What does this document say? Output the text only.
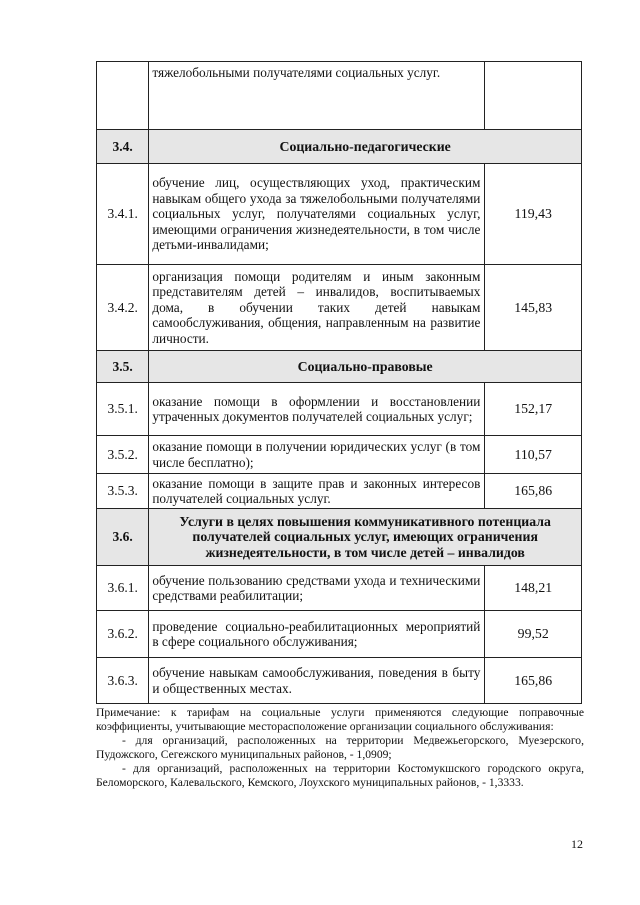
	тяжелобольными получателями социальных услуг.	
3.4.	Социально-педагогические	
3.4.1.	обучение лиц, осуществляющих уход, практическим навыкам общего ухода за тяжелобольными получателями социальных услуг, получателями социальных услуг, имеющими ограничения жизнедеятельности, в том числе детьми-инвалидами;	119,43
3.4.2.	организация помощи родителям и иным законным представителям детей – инвалидов, воспитываемых дома, в обучении таких детей навыкам самообслуживания, общения, направленным на развитие личности.	145,83
3.5.	Социально-правовые	
3.5.1.	оказание помощи в оформлении и восстановлении утраченных документов получателей социальных услуг;	152,17
3.5.2.	оказание помощи в получении юридических услуг (в том числе бесплатно);	110,57
3.5.3.	оказание помощи в защите прав и законных интересов получателей социальных услуг.	165,86
3.6.	Услуги в целях повышения коммуникативного потенциала получателей социальных услуг, имеющих ограничения жизнедеятельности, в том числе детей – инвалидов	
3.6.1.	обучение пользованию средствами ухода и техническими средствами реабилитации;	148,21
3.6.2.	проведение социально-реабилитационных мероприятий в сфере социального обслуживания;	99,52
3.6.3.	обучение навыкам самообслуживания, поведения в быту и общественных местах.	165,86

Примечание: к тарифам на социальные услуги применяются следующие поправочные коэффициенты, учитывающие месторасположение организации социального обслуживания:

- для организаций, расположенных на территории Медвежьегорского, Муезерского, Пудожского, Сегежского муниципальных районов, - 1,0909;

- для организаций, расположенных на территории Костомукшского городского округа, Беломорского, Калевальского, Кемского, Лоухского муниципальных районов, - 1,3333.

12
